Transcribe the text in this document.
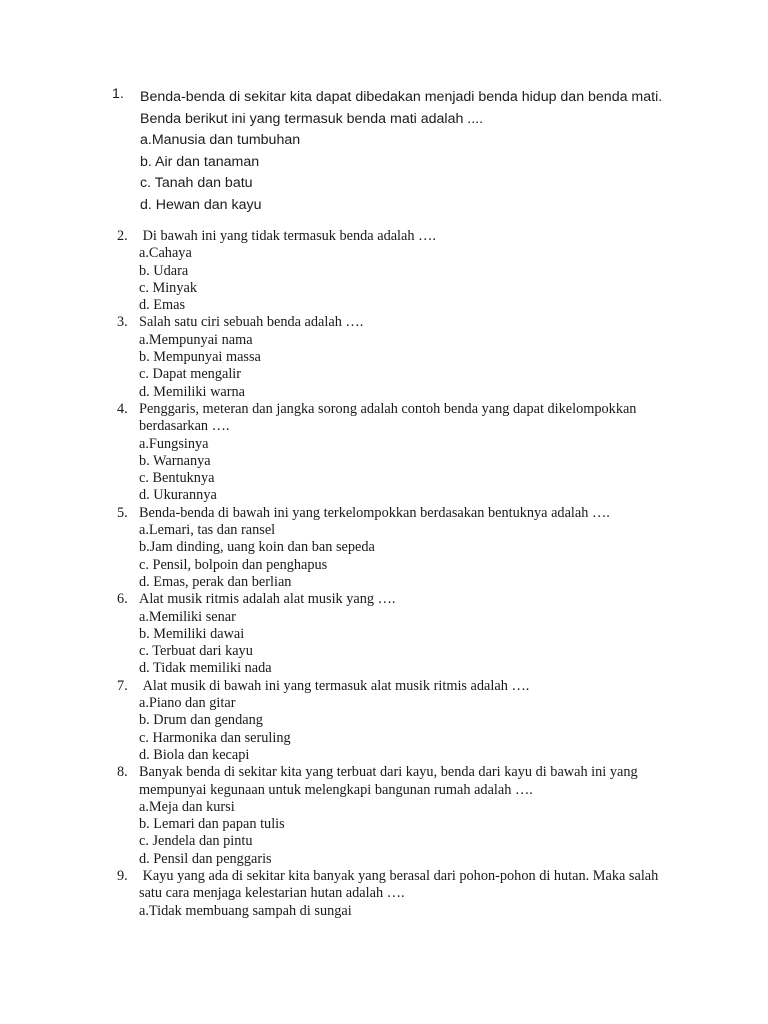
1.	Benda-benda di sekitar kita dapat dibedakan menjadi benda hidup dan benda mati. Benda berikut ini yang termasuk benda mati adalah ....
a.Manusia dan tumbuhan
b. Air dan tanaman
c. Tanah dan batu
d. Hewan dan kayu
2. Di bawah ini yang tidak termasuk benda adalah ….
a.Cahaya
b. Udara
c. Minyak
d. Emas
3. Salah satu ciri sebuah benda adalah ….
a.Mempunyai nama
b. Mempunyai massa
c. Dapat mengalir
d. Memiliki warna
4. Penggaris, meteran dan jangka sorong adalah contoh benda yang dapat dikelompokkan berdasarkan ….
a.Fungsinya
b. Warnanya
c. Bentuknya
d. Ukurannya
5. Benda-benda di bawah ini yang terkelompokkan berdasakan bentuknya adalah ….
a.Lemari, tas dan ransel
b.Jam dinding, uang koin dan ban sepeda
c. Pensil, bolpoin dan penghapus
d. Emas, perak dan berlian
6. Alat musik ritmis adalah alat musik yang ….
a.Memiliki senar
b. Memiliki dawai
c. Terbuat dari kayu
d. Tidak memiliki nada
7. Alat musik di bawah ini yang termasuk alat musik ritmis adalah ….
a.Piano dan gitar
b. Drum dan gendang
c. Harmonika dan seruling
d. Biola dan kecapi
8. Banyak benda di sekitar kita yang terbuat dari kayu, benda dari kayu di bawah ini yang mempunyai kegunaan untuk melengkapi bangunan rumah adalah ….
a.Meja dan kursi
b. Lemari dan papan tulis
c. Jendela dan pintu
d. Pensil dan penggaris
9. Kayu yang ada di sekitar kita banyak yang berasal dari pohon-pohon di hutan. Maka salah satu cara menjaga kelestarian hutan adalah ….
a.Tidak membuang sampah di sungai
